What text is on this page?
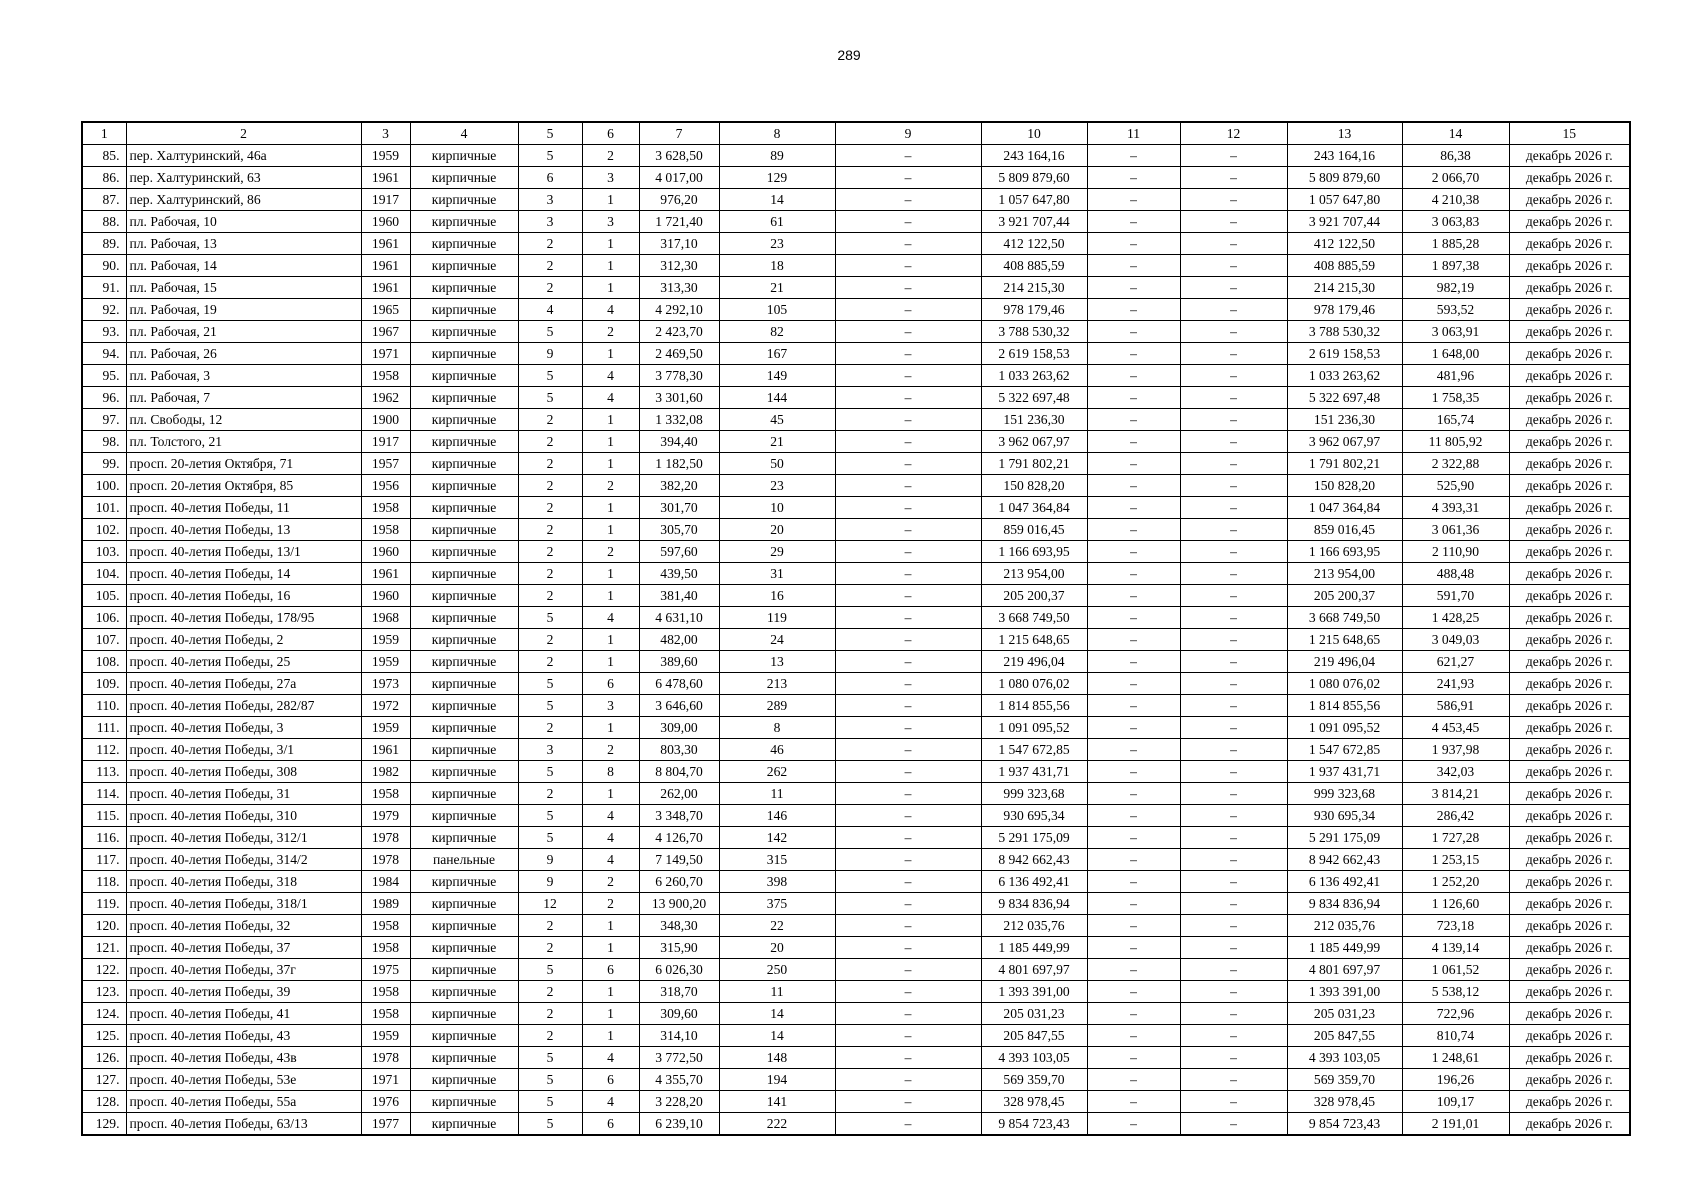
289
1	2	3	4	5	6	7	8	9	10	11	12	13	14	15
85.	пер. Халтуринский, 46а	1959	кирпичные	5	2	3 628,50	89	–	243 164,16	–	–	243 164,16	86,38	декабрь 2026 г.
86.	пер. Халтуринский, 63	1961	кирпичные	6	3	4 017,00	129	–	5 809 879,60	–	–	5 809 879,60	2 066,70	декабрь 2026 г.
87.	пер. Халтуринский, 86	1917	кирпичные	3	1	976,20	14	–	1 057 647,80	–	–	1 057 647,80	4 210,38	декабрь 2026 г.
88.	пл. Рабочая, 10	1960	кирпичные	3	3	1 721,40	61	–	3 921 707,44	–	–	3 921 707,44	3 063,83	декабрь 2026 г.
89.	пл. Рабочая, 13	1961	кирпичные	2	1	317,10	23	–	412 122,50	–	–	412 122,50	1 885,28	декабрь 2026 г.
90.	пл. Рабочая, 14	1961	кирпичные	2	1	312,30	18	–	408 885,59	–	–	408 885,59	1 897,38	декабрь 2026 г.
91.	пл. Рабочая, 15	1961	кирпичные	2	1	313,30	21	–	214 215,30	–	–	214 215,30	982,19	декабрь 2026 г.
92.	пл. Рабочая, 19	1965	кирпичные	4	4	4 292,10	105	–	978 179,46	–	–	978 179,46	593,52	декабрь 2026 г.
93.	пл. Рабочая, 21	1967	кирпичные	5	2	2 423,70	82	–	3 788 530,32	–	–	3 788 530,32	3 063,91	декабрь 2026 г.
94.	пл. Рабочая, 26	1971	кирпичные	9	1	2 469,50	167	–	2 619 158,53	–	–	2 619 158,53	1 648,00	декабрь 2026 г.
95.	пл. Рабочая, 3	1958	кирпичные	5	4	3 778,30	149	–	1 033 263,62	–	–	1 033 263,62	481,96	декабрь 2026 г.
96.	пл. Рабочая, 7	1962	кирпичные	5	4	3 301,60	144	–	5 322 697,48	–	–	5 322 697,48	1 758,35	декабрь 2026 г.
97.	пл. Свободы, 12	1900	кирпичные	2	1	1 332,08	45	–	151 236,30	–	–	151 236,30	165,74	декабрь 2026 г.
98.	пл. Толстого, 21	1917	кирпичные	2	1	394,40	21	–	3 962 067,97	–	–	3 962 067,97	11 805,92	декабрь 2026 г.
99.	просп. 20-летия Октября, 71	1957	кирпичные	2	1	1 182,50	50	–	1 791 802,21	–	–	1 791 802,21	2 322,88	декабрь 2026 г.
100.	просп. 20-летия Октября, 85	1956	кирпичные	2	2	382,20	23	–	150 828,20	–	–	150 828,20	525,90	декабрь 2026 г.
101.	просп. 40-летия Победы, 11	1958	кирпичные	2	1	301,70	10	–	1 047 364,84	–	–	1 047 364,84	4 393,31	декабрь 2026 г.
102.	просп. 40-летия Победы, 13	1958	кирпичные	2	1	305,70	20	–	859 016,45	–	–	859 016,45	3 061,36	декабрь 2026 г.
103.	просп. 40-летия Победы, 13/1	1960	кирпичные	2	2	597,60	29	–	1 166 693,95	–	–	1 166 693,95	2 110,90	декабрь 2026 г.
104.	просп. 40-летия Победы, 14	1961	кирпичные	2	1	439,50	31	–	213 954,00	–	–	213 954,00	488,48	декабрь 2026 г.
105.	просп. 40-летия Победы, 16	1960	кирпичные	2	1	381,40	16	–	205 200,37	–	–	205 200,37	591,70	декабрь 2026 г.
106.	просп. 40-летия Победы, 178/95	1968	кирпичные	5	4	4 631,10	119	–	3 668 749,50	–	–	3 668 749,50	1 428,25	декабрь 2026 г.
107.	просп. 40-летия Победы, 2	1959	кирпичные	2	1	482,00	24	–	1 215 648,65	–	–	1 215 648,65	3 049,03	декабрь 2026 г.
108.	просп. 40-летия Победы, 25	1959	кирпичные	2	1	389,60	13	–	219 496,04	–	–	219 496,04	621,27	декабрь 2026 г.
109.	просп. 40-летия Победы, 27а	1973	кирпичные	5	6	6 478,60	213	–	1 080 076,02	–	–	1 080 076,02	241,93	декабрь 2026 г.
110.	просп. 40-летия Победы, 282/87	1972	кирпичные	5	3	3 646,60	289	–	1 814 855,56	–	–	1 814 855,56	586,91	декабрь 2026 г.
111.	просп. 40-летия Победы, 3	1959	кирпичные	2	1	309,00	8	–	1 091 095,52	–	–	1 091 095,52	4 453,45	декабрь 2026 г.
112.	просп. 40-летия Победы, 3/1	1961	кирпичные	3	2	803,30	46	–	1 547 672,85	–	–	1 547 672,85	1 937,98	декабрь 2026 г.
113.	просп. 40-летия Победы, 308	1982	кирпичные	5	8	8 804,70	262	–	1 937 431,71	–	–	1 937 431,71	342,03	декабрь 2026 г.
114.	просп. 40-летия Победы, 31	1958	кирпичные	2	1	262,00	11	–	999 323,68	–	–	999 323,68	3 814,21	декабрь 2026 г.
115.	просп. 40-летия Победы, 310	1979	кирпичные	5	4	3 348,70	146	–	930 695,34	–	–	930 695,34	286,42	декабрь 2026 г.
116.	просп. 40-летия Победы, 312/1	1978	кирпичные	5	4	4 126,70	142	–	5 291 175,09	–	–	5 291 175,09	1 727,28	декабрь 2026 г.
117.	просп. 40-летия Победы, 314/2	1978	панельные	9	4	7 149,50	315	–	8 942 662,43	–	–	8 942 662,43	1 253,15	декабрь 2026 г.
118.	просп. 40-летия Победы, 318	1984	кирпичные	9	2	6 260,70	398	–	6 136 492,41	–	–	6 136 492,41	1 252,20	декабрь 2026 г.
119.	просп. 40-летия Победы, 318/1	1989	кирпичные	12	2	13 900,20	375	–	9 834 836,94	–	–	9 834 836,94	1 126,60	декабрь 2026 г.
120.	просп. 40-летия Победы, 32	1958	кирпичные	2	1	348,30	22	–	212 035,76	–	–	212 035,76	723,18	декабрь 2026 г.
121.	просп. 40-летия Победы, 37	1958	кирпичные	2	1	315,90	20	–	1 185 449,99	–	–	1 185 449,99	4 139,14	декабрь 2026 г.
122.	просп. 40-летия Победы, 37г	1975	кирпичные	5	6	6 026,30	250	–	4 801 697,97	–	–	4 801 697,97	1 061,52	декабрь 2026 г.
123.	просп. 40-летия Победы, 39	1958	кирпичные	2	1	318,70	11	–	1 393 391,00	–	–	1 393 391,00	5 538,12	декабрь 2026 г.
124.	просп. 40-летия Победы, 41	1958	кирпичные	2	1	309,60	14	–	205 031,23	–	–	205 031,23	722,96	декабрь 2026 г.
125.	просп. 40-летия Победы, 43	1959	кирпичные	2	1	314,10	14	–	205 847,55	–	–	205 847,55	810,74	декабрь 2026 г.
126.	просп. 40-летия Победы, 43в	1978	кирпичные	5	4	3 772,50	148	–	4 393 103,05	–	–	4 393 103,05	1 248,61	декабрь 2026 г.
127.	просп. 40-летия Победы, 53е	1971	кирпичные	5	6	4 355,70	194	–	569 359,70	–	–	569 359,70	196,26	декабрь 2026 г.
128.	просп. 40-летия Победы, 55а	1976	кирпичные	5	4	3 228,20	141	–	328 978,45	–	–	328 978,45	109,17	декабрь 2026 г.
129.	просп. 40-летия Победы, 63/13	1977	кирпичные	5	6	6 239,10	222	–	9 854 723,43	–	–	9 854 723,43	2 191,01	декабрь 2026 г.
